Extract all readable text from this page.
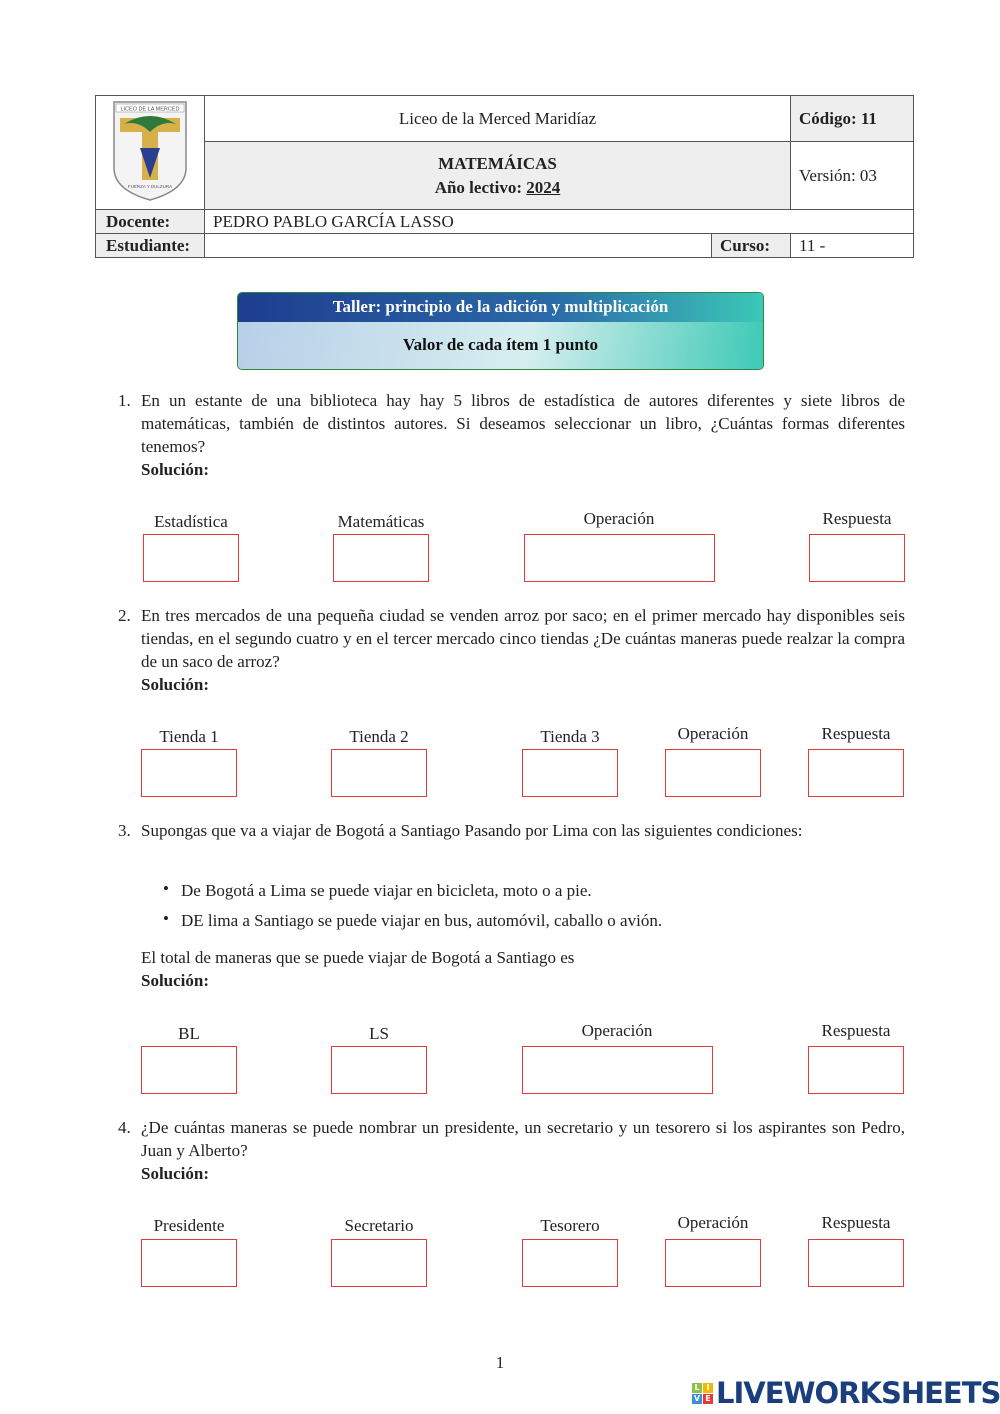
LICEO DE LA MERCED
FUERZA Y DULZURA	Liceo de la Merced Maridíaz	Código: 11

	MATEMÁICAS
Año lectivo: 2024	Versión: 03
Docente:	PEDRO PABLO GARCÍA LASSO	
Estudiante:	Curso:	11 -
Taller: principio de la adición y multiplicación
Valor de cada ítem 1 punto
1. En un estante de una biblioteca hay hay 5 libros de estadística de autores diferentes y siete libros de matemáticas, también de distintos autores. Si deseamos seleccionar un libro, ¿Cuántas formas diferentes tenemos?
Solución:
Estadística	Matemáticas	Operación	Respuesta
2. En tres mercados de una pequeña ciudad se venden arroz por saco; en el primer mercado hay disponibles seis tiendas, en el segundo cuatro y en el tercer mercado cinco tiendas ¿De cuántas maneras puede realzar la compra de un saco de arroz?
Solución:
Tienda 1	Tienda 2	Tienda 3	Operación	Respuesta
3. Supongas que va a viajar de Bogotá a Santiago Pasando por Lima con las siguientes condiciones:
• De Bogotá a Lima se puede viajar en bicicleta, moto o a pie.
• DE lima a Santiago se puede viajar en bus, automóvil, caballo o avión.
El total de maneras que se puede viajar de Bogotá a Santiago es
Solución:
BL	LS	Operación	Respuesta
4. ¿De cuántas maneras se puede nombrar un presidente, un secretario y un tesorero si los aspirantes son Pedro, Juan y Alberto?
Solución:
Presidente	Secretario	Tesorero	Operación	Respuesta
1
L I
V E LIVEWORKSHEETS
